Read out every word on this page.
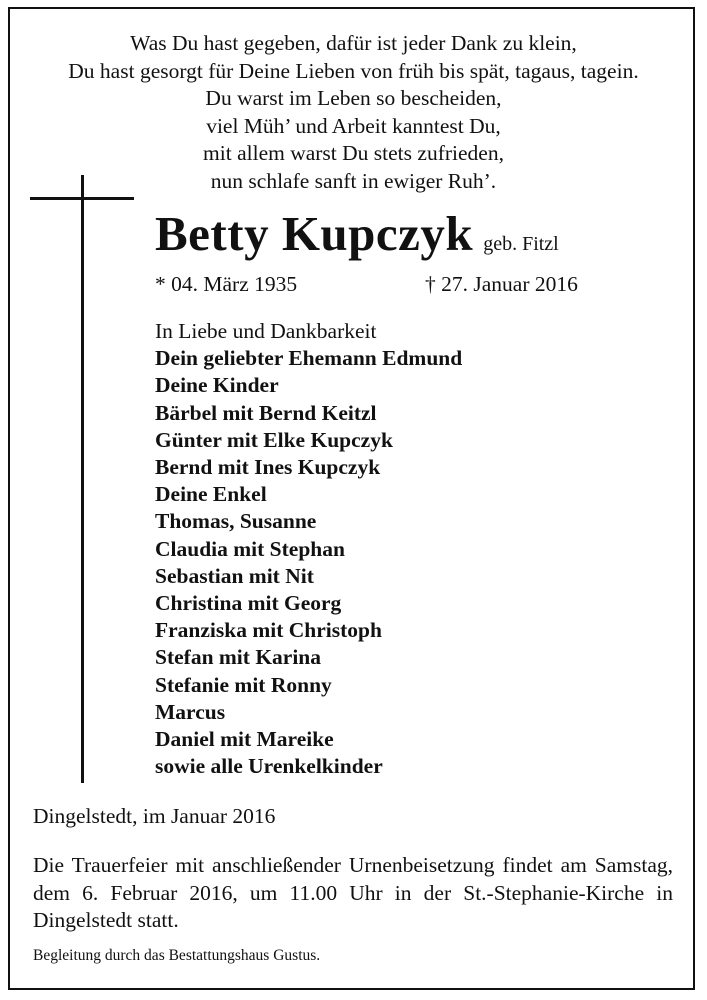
Was Du hast gegeben, dafür ist jeder Dank zu klein,
Du hast gesorgt für Deine Lieben von früh bis spät, tagaus, tagein.
Du warst im Leben so bescheiden,
viel Müh’ und Arbeit kanntest Du,
mit allem warst Du stets zufrieden,
nun schlafe sanft in ewiger Ruh’.
Betty Kupczyk geb. Fitzl
* 04. März 1935	† 27. Januar 2016
In Liebe und Dankbarkeit
Dein geliebter Ehemann Edmund
Deine Kinder
Bärbel mit Bernd Keitzl
Günter mit Elke Kupczyk
Bernd mit Ines Kupczyk
Deine Enkel
Thomas, Susanne
Claudia mit Stephan
Sebastian mit Nit
Christina mit Georg
Franziska mit Christoph
Stefan mit Karina
Stefanie mit Ronny
Marcus
Daniel mit Mareike
sowie alle Urenkelkinder
Dingelstedt, im Januar 2016
Die Trauerfeier mit anschließender Urnenbeisetzung findet am Samstag, dem 6. Februar 2016, um 11.00 Uhr in der St.-Stephanie-Kirche in Dingelstedt statt.
Begleitung durch das Bestattungshaus Gustus.
